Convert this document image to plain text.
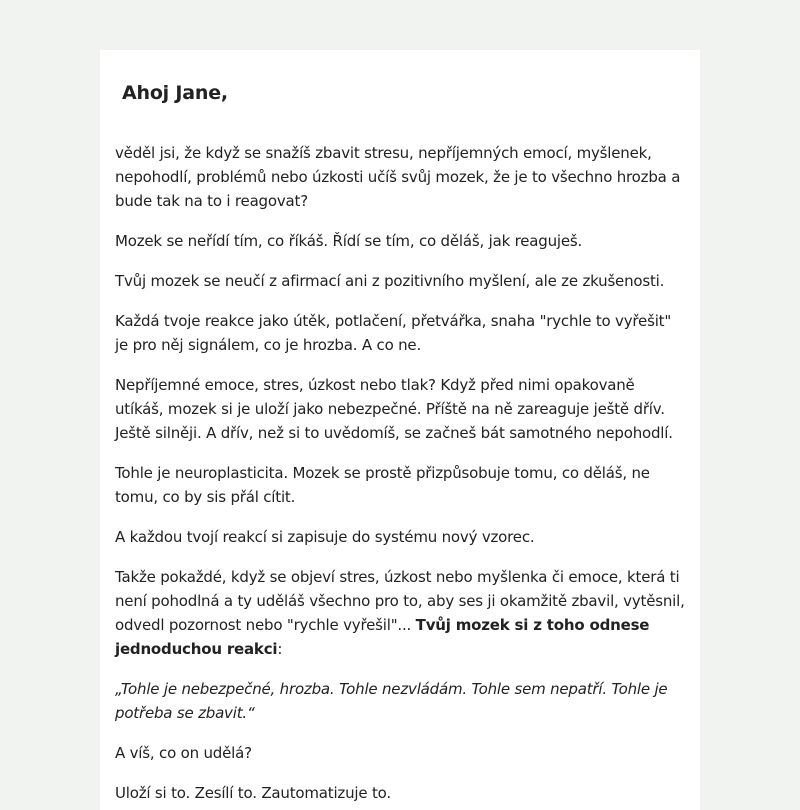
Ahoj Jane,

věděl jsi, že když se snažíš zbavit stresu, nepříjemných emocí, myšlenek, nepohodlí, problémů nebo úzkosti učíš svůj mozek, že je to všechno hrozba a bude tak na to i reagovat?

Mozek se neřídí tím, co říkáš. Řídí se tím, co děláš, jak reaguješ.

Tvůj mozek se neučí z afirmací ani z pozitivního myšlení, ale ze zkušenosti.

Každá tvoje reakce jako útěk, potlačení, přetvářka, snaha "rychle to vyřešit" je pro něj signálem, co je hrozba. A co ne.

Nepříjemné emoce, stres, úzkost nebo tlak? Když před nimi opakovaně utíkáš, mozek si je uloží jako nebezpečné. Příště na ně zareaguje ještě dřív. Ještě silněji. A dřív, než si to uvědomíš, se začneš bát samotného nepohodlí.

Tohle je neuroplasticita. Mozek se prostě přizpůsobuje tomu, co děláš, ne tomu, co by sis přál cítit.

A každou tvojí reakcí si zapisuje do systému nový vzorec.

Takže pokaždé, když se objeví stres, úzkost nebo myšlenka či emoce, která ti není pohodlná a ty uděláš všechno pro to, aby ses ji okamžitě zbavil, vytěsnil, odvedl pozornost nebo "rychle vyřešil"... Tvůj mozek si z toho odnese jednoduchou reakci:

„Tohle je nebezpečné, hrozba. Tohle nezvládám. Tohle sem nepatří. Tohle je potřeba se zbavit.“

A víš, co on udělá?

Uloží si to. Zesílí to. Zautomatizuje to.
